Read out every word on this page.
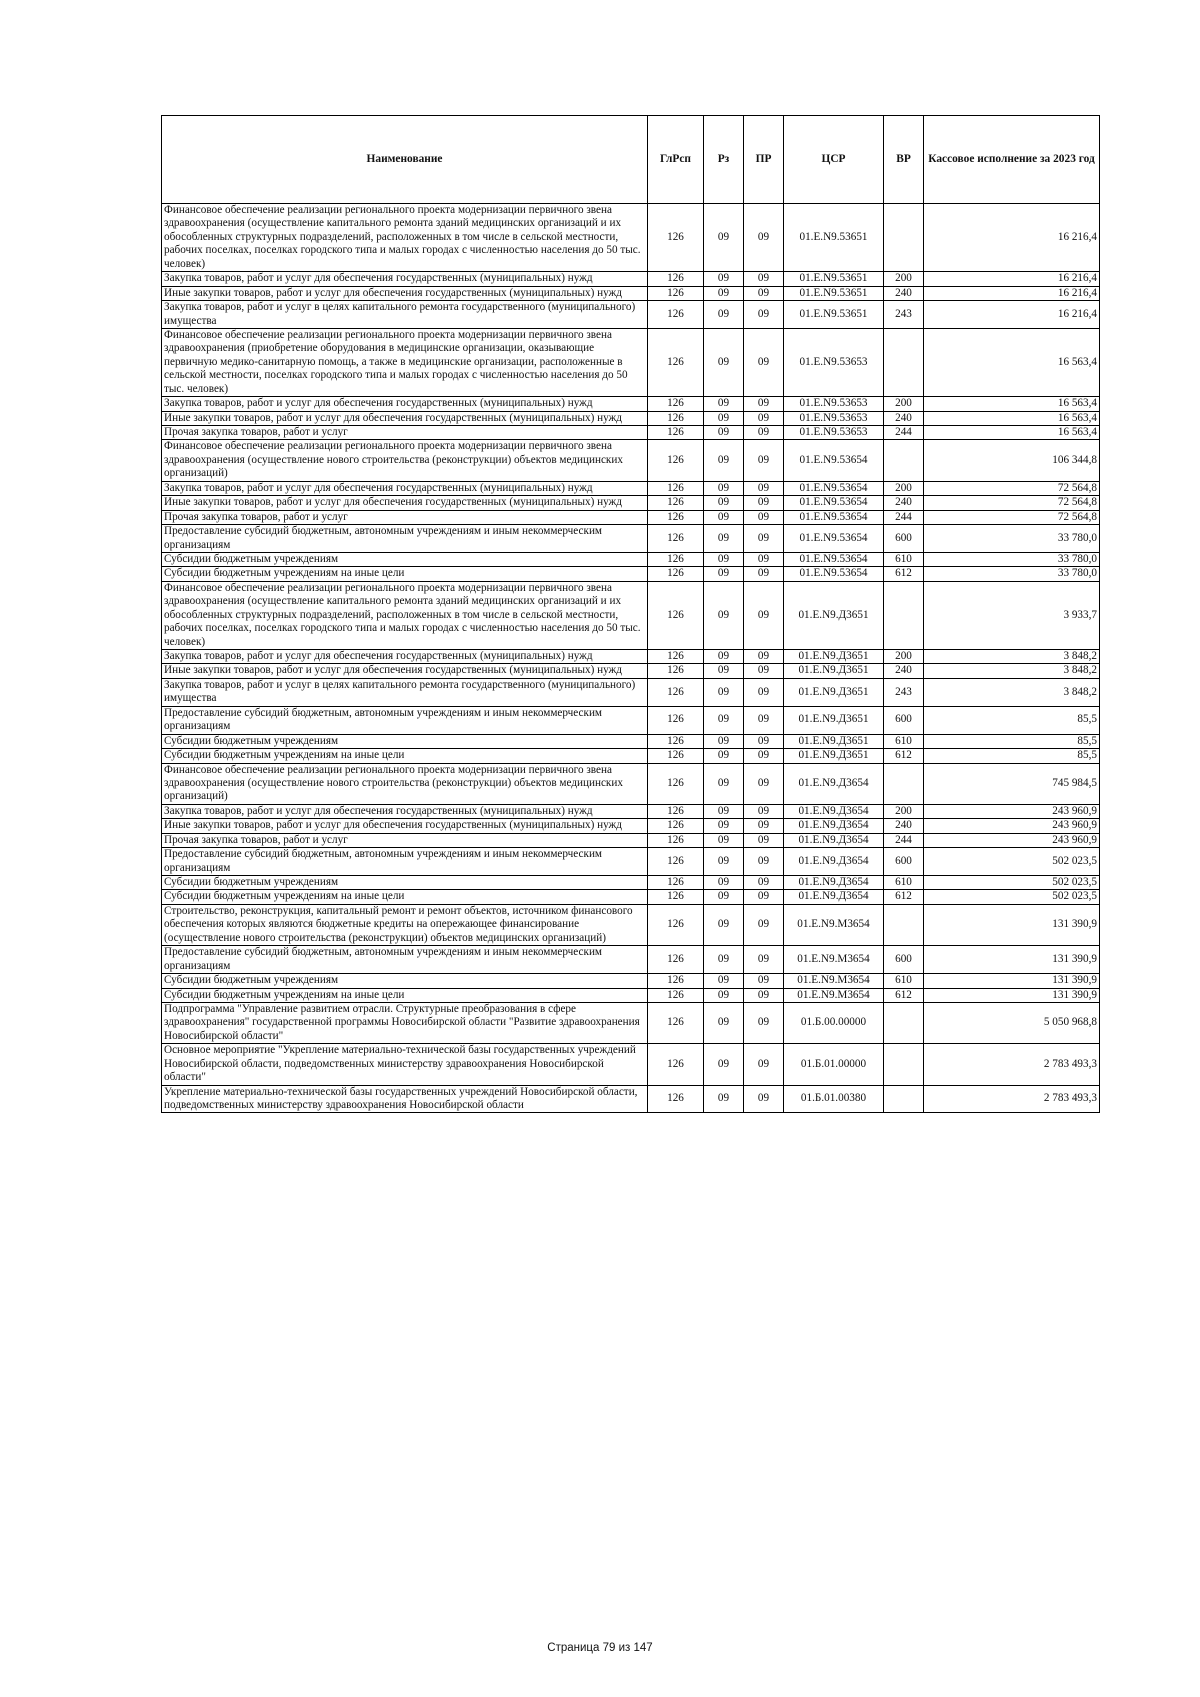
Наименование	ГлРсп	Рз	ПР	ЦСР	ВР	Кассовое исполнение за 2023 год
Финансовое обеспечение реализации регионального проекта модернизации первичного звена здравоохранения (осуществление капитального ремонта зданий медицинских организаций и их обособленных структурных подразделений, расположенных в том числе в сельской местности, рабочих поселках, поселках городского типа и малых городах с численностью населения до 50 тыс. человек)	126	09	09	01.Е.N9.53651		16 216,4
Закупка товаров, работ и услуг для обеспечения государственных (муниципальных) нужд	126	09	09	01.Е.N9.53651	200	16 216,4
Иные закупки товаров, работ и услуг для обеспечения государственных (муниципальных) нужд	126	09	09	01.Е.N9.53651	240	16 216,4
Закупка товаров, работ и услуг в целях капитального ремонта государственного (муниципального) имущества	126	09	09	01.Е.N9.53651	243	16 216,4
Финансовое обеспечение реализации регионального проекта модернизации первичного звена здравоохранения (приобретение оборудования в медицинские организации, оказывающие первичную медико-санитарную помощь, а также в медицинские организации, расположенные в сельской местности, поселках городского типа и малых городах с численностью населения до 50 тыс. человек)	126	09	09	01.Е.N9.53653		16 563,4
Закупка товаров, работ и услуг для обеспечения государственных (муниципальных) нужд	126	09	09	01.Е.N9.53653	200	16 563,4
Иные закупки товаров, работ и услуг для обеспечения государственных (муниципальных) нужд	126	09	09	01.Е.N9.53653	240	16 563,4
Прочая закупка товаров, работ и услуг	126	09	09	01.Е.N9.53653	244	16 563,4
Финансовое обеспечение реализации регионального проекта модернизации первичного звена здравоохранения (осуществление нового строительства (реконструкции) объектов медицинских организаций)	126	09	09	01.Е.N9.53654		106 344,8
Закупка товаров, работ и услуг для обеспечения государственных (муниципальных) нужд	126	09	09	01.Е.N9.53654	200	72 564,8
Иные закупки товаров, работ и услуг для обеспечения государственных (муниципальных) нужд	126	09	09	01.Е.N9.53654	240	72 564,8
Прочая закупка товаров, работ и услуг	126	09	09	01.Е.N9.53654	244	72 564,8
Предоставление субсидий бюджетным, автономным учреждениям и иным некоммерческим организациям	126	09	09	01.Е.N9.53654	600	33 780,0
Субсидии бюджетным учреждениям	126	09	09	01.Е.N9.53654	610	33 780,0
Субсидии бюджетным учреждениям на иные цели	126	09	09	01.Е.N9.53654	612	33 780,0
Финансовое обеспечение реализации регионального проекта модернизации первичного звена здравоохранения (осуществление капитального ремонта зданий медицинских организаций и их обособленных структурных подразделений, расположенных в том числе в сельской местности, рабочих поселках, поселках городского типа и малых городах с численностью населения до 50 тыс. человек)	126	09	09	01.Е.N9.Д3651		3 933,7
Закупка товаров, работ и услуг для обеспечения государственных (муниципальных) нужд	126	09	09	01.Е.N9.Д3651	200	3 848,2
Иные закупки товаров, работ и услуг для обеспечения государственных (муниципальных) нужд	126	09	09	01.Е.N9.Д3651	240	3 848,2
Закупка товаров, работ и услуг в целях капитального ремонта государственного (муниципального) имущества	126	09	09	01.Е.N9.Д3651	243	3 848,2
Предоставление субсидий бюджетным, автономным учреждениям и иным некоммерческим организациям	126	09	09	01.Е.N9.Д3651	600	85,5
Субсидии бюджетным учреждениям	126	09	09	01.Е.N9.Д3651	610	85,5
Субсидии бюджетным учреждениям на иные цели	126	09	09	01.Е.N9.Д3651	612	85,5
Финансовое обеспечение реализации регионального проекта модернизации первичного звена здравоохранения (осуществление нового строительства (реконструкции) объектов медицинских организаций)	126	09	09	01.Е.N9.Д3654		745 984,5
Закупка товаров, работ и услуг для обеспечения государственных (муниципальных) нужд	126	09	09	01.Е.N9.Д3654	200	243 960,9
Иные закупки товаров, работ и услуг для обеспечения государственных (муниципальных) нужд	126	09	09	01.Е.N9.Д3654	240	243 960,9
Прочая закупка товаров, работ и услуг	126	09	09	01.Е.N9.Д3654	244	243 960,9
Предоставление субсидий бюджетным, автономным учреждениям и иным некоммерческим организациям	126	09	09	01.Е.N9.Д3654	600	502 023,5
Субсидии бюджетным учреждениям	126	09	09	01.Е.N9.Д3654	610	502 023,5
Субсидии бюджетным учреждениям на иные цели	126	09	09	01.Е.N9.Д3654	612	502 023,5
Строительство, реконструкция, капитальный ремонт и ремонт объектов, источником финансового обеспечения которых являются бюджетные кредиты на опережающее финансирование (осуществление нового строительства (реконструкции) объектов медицинских организаций)	126	09	09	01.Е.N9.М3654		131 390,9
Предоставление субсидий бюджетным, автономным учреждениям и иным некоммерческим организациям	126	09	09	01.Е.N9.М3654	600	131 390,9
Субсидии бюджетным учреждениям	126	09	09	01.Е.N9.М3654	610	131 390,9
Субсидии бюджетным учреждениям на иные цели	126	09	09	01.Е.N9.М3654	612	131 390,9
Подпрограмма "Управление развитием отрасли. Структурные преобразования в сфере здравоохранения" государственной программы Новосибирской области "Развитие здравоохранения Новосибирской области"	126	09	09	01.Б.00.00000		5 050 968,8
Основное мероприятие "Укрепление материально-технической базы государственных учреждений Новосибирской области, подведомственных министерству здравоохранения Новосибирской области"	126	09	09	01.Б.01.00000		2 783 493,3
Укрепление материально-технической базы государственных учреждений Новосибирской области, подведомственных министерству здравоохранения Новосибирской области	126	09	09	01.Б.01.00380		2 783 493,3
Страница 79 из 147
